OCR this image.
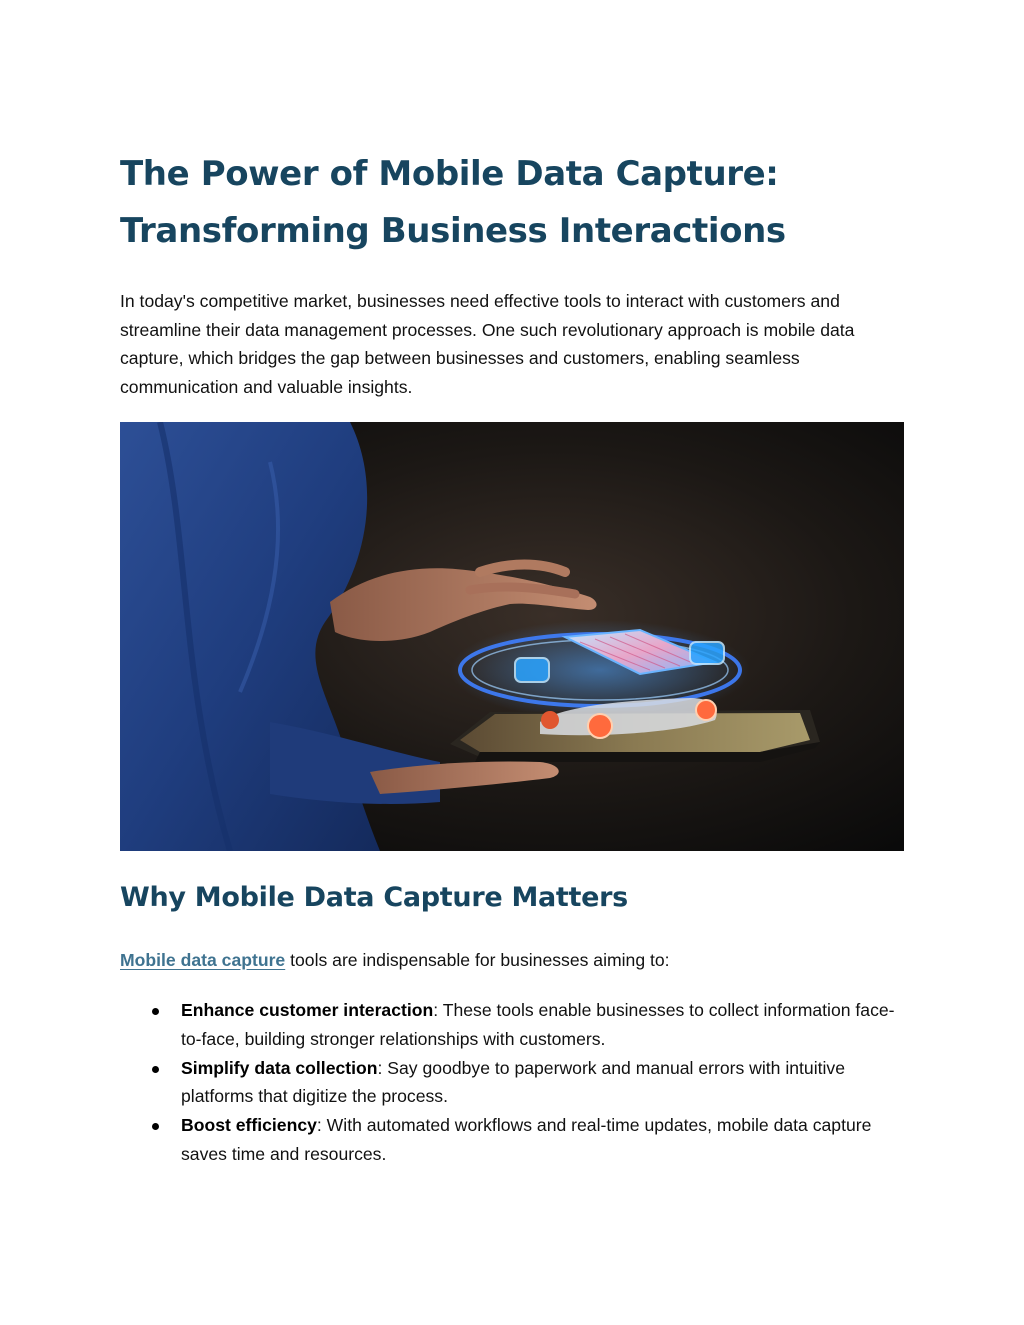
The Power of Mobile Data Capture:
Transforming Business Interactions

In today's competitive market, businesses need effective tools to interact with customers and streamline their data management processes. One such revolutionary approach is mobile data capture, which bridges the gap between businesses and customers, enabling seamless communication and valuable insights.

Why Mobile Data Capture Matters

Mobile data capture tools are indispensable for businesses aiming to:

Enhance customer interaction: These tools enable businesses to collect information face-to-face, building stronger relationships with customers.
Simplify data collection: Say goodbye to paperwork and manual errors with intuitive platforms that digitize the process.
Boost efficiency: With automated workflows and real-time updates, mobile data capture saves time and resources.
